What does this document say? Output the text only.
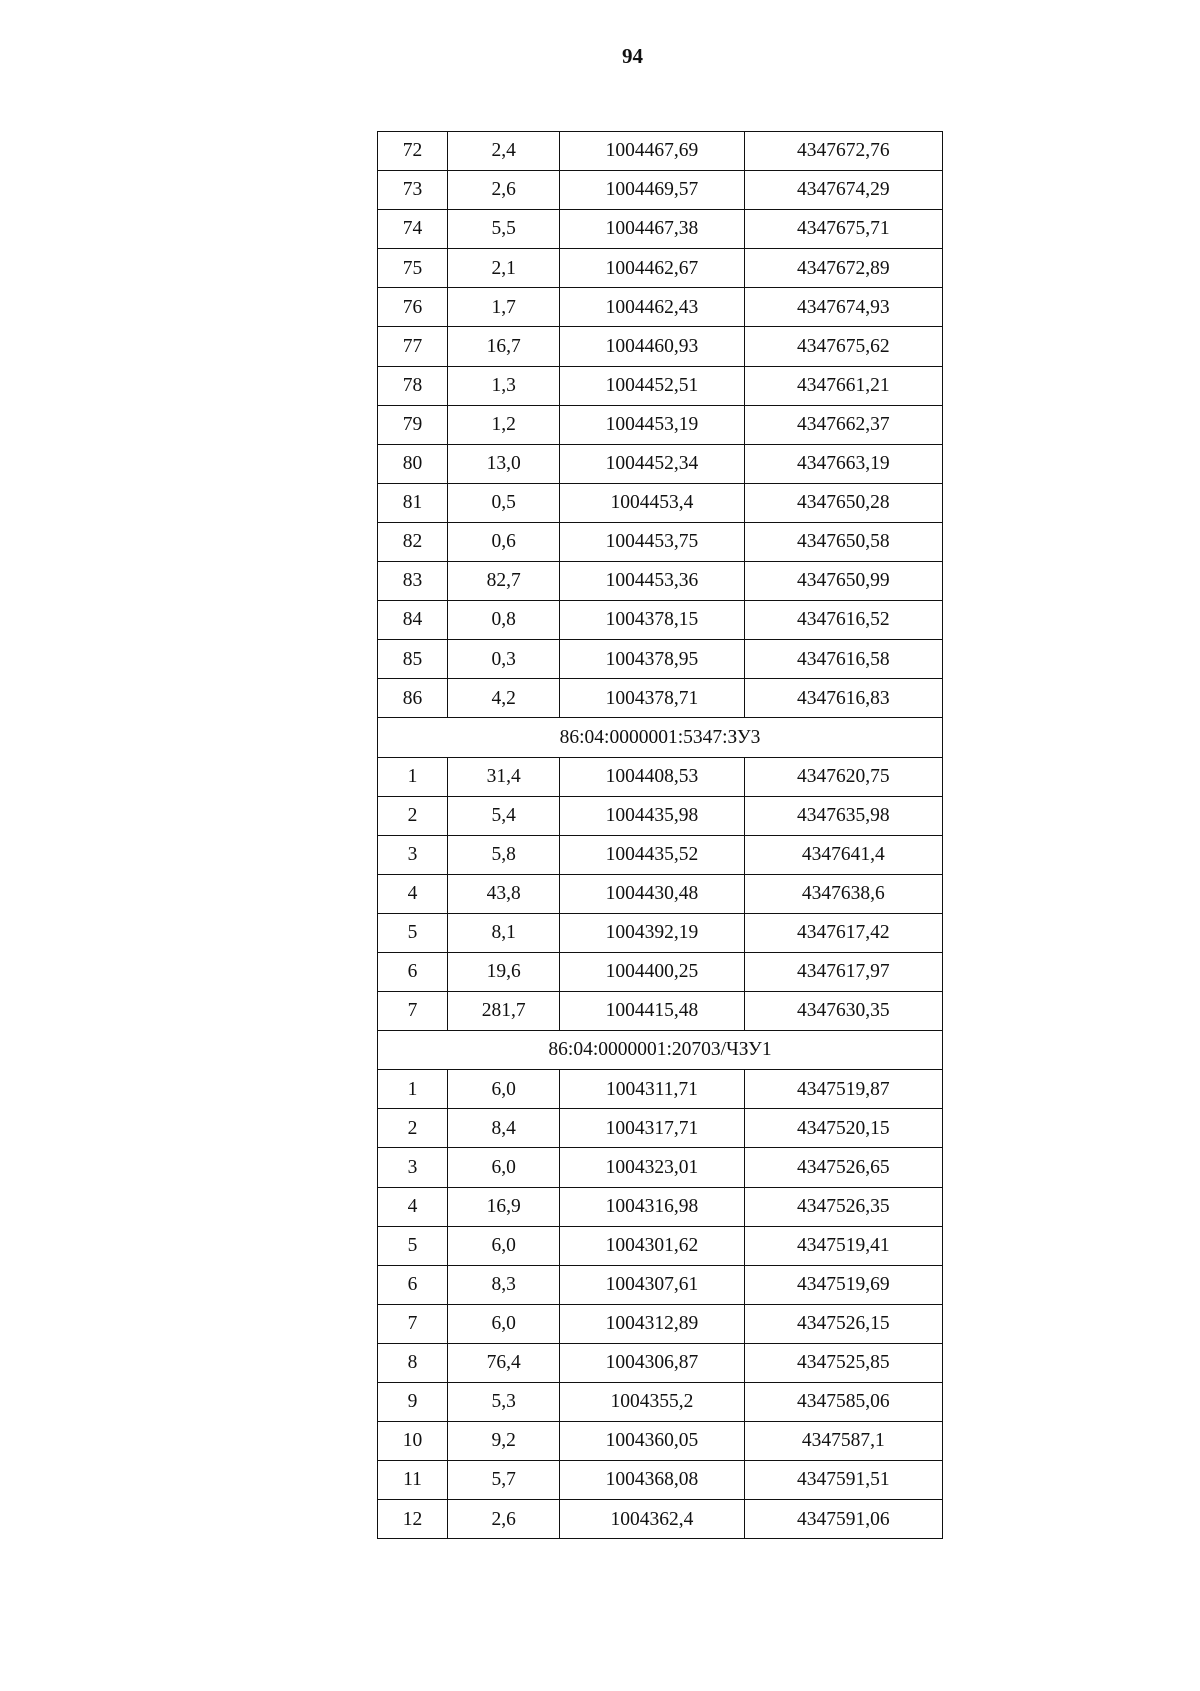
94
72	2,4	1004467,69	4347672,76
73	2,6	1004469,57	4347674,29
74	5,5	1004467,38	4347675,71
75	2,1	1004462,67	4347672,89
76	1,7	1004462,43	4347674,93
77	16,7	1004460,93	4347675,62
78	1,3	1004452,51	4347661,21
79	1,2	1004453,19	4347662,37
80	13,0	1004452,34	4347663,19
81	0,5	1004453,4	4347650,28
82	0,6	1004453,75	4347650,58
83	82,7	1004453,36	4347650,99
84	0,8	1004378,15	4347616,52
85	0,3	1004378,95	4347616,58
86	4,2	1004378,71	4347616,83
86:04:0000001:5347:ЗУ3			
1	31,4	1004408,53	4347620,75
2	5,4	1004435,98	4347635,98
3	5,8	1004435,52	4347641,4
4	43,8	1004430,48	4347638,6
5	8,1	1004392,19	4347617,42
6	19,6	1004400,25	4347617,97
7	281,7	1004415,48	4347630,35
86:04:0000001:20703/ЧЗУ1			
1	6,0	1004311,71	4347519,87
2	8,4	1004317,71	4347520,15
3	6,0	1004323,01	4347526,65
4	16,9	1004316,98	4347526,35
5	6,0	1004301,62	4347519,41
6	8,3	1004307,61	4347519,69
7	6,0	1004312,89	4347526,15
8	76,4	1004306,87	4347525,85
9	5,3	1004355,2	4347585,06
10	9,2	1004360,05	4347587,1
11	5,7	1004368,08	4347591,51
12	2,6	1004362,4	4347591,06
